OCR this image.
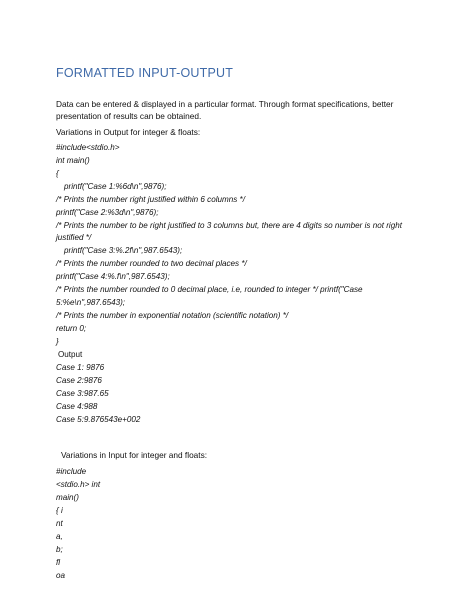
FORMATTED INPUT-OUTPUT

Data can be entered & displayed in a particular format. Through format specifications, better presentation of results can be obtained.

Variations in Output for integer & floats:

#include<stdio.h>
int main()
{
printf("Case 1:%6d\n",9876);
/* Prints the number right justified within 6 columns */
printf("Case 2:%3d\n",9876);
/* Prints the number to be right justified to 3 columns but, there are 4 digits so number is not right
justified */
printf("Case 3:%.2f\n",987.6543);
/* Prints the number rounded to two decimal places */
printf("Case 4:%.f\n",987.6543);
/* Prints the number rounded to 0 decimal place, i.e, rounded to integer */ printf("Case
5:%e\n",987.6543);
/* Prints the number in exponential notation (scientific notation) */
return 0;
}
Output
Case 1: 9876
Case 2:9876
Case 3:987.65
Case 4:988
Case 5:9.876543e+002
Variations in Input for integer and floats:
#include
<stdio.h> int
main()
{ i
nt
a,
b;
fl
oa
